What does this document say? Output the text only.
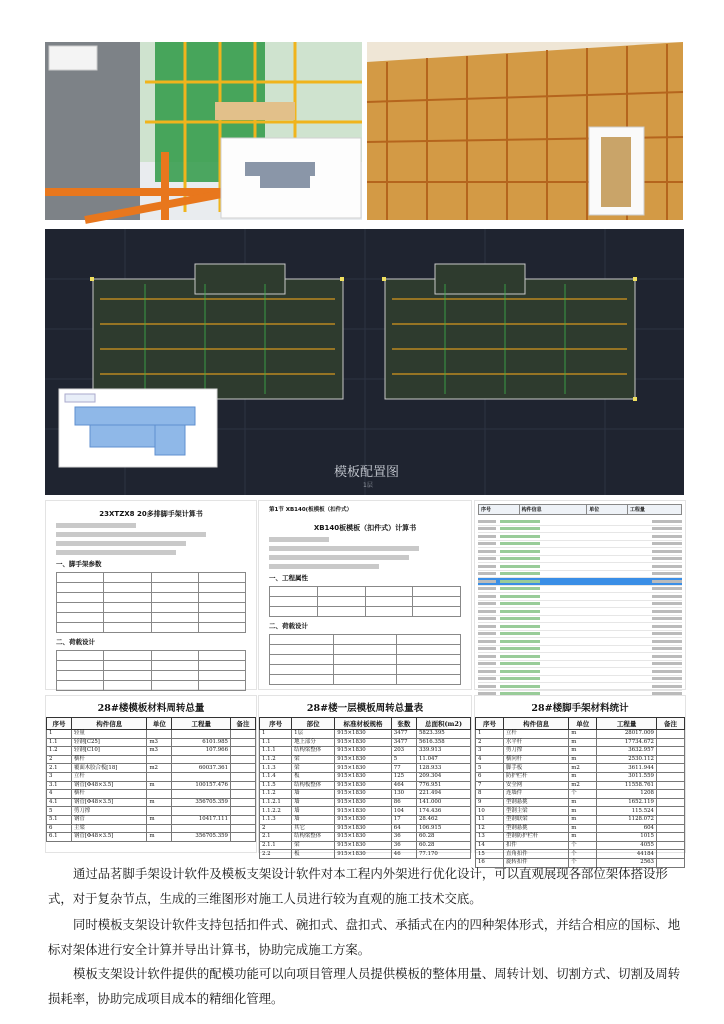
模板配置图
1层
23XTZX8 20多排脚手架计算书
一、脚手架参数

二、荷载设计

第1节 XB140(板模板（扣件式）
XB140板模板（扣件式）计算书
一、工程属性

二、荷载设计

序号	构件信息	单位	工程量
28#楼模板材料周转总量
序号	构件信息	单位	工程量	备注
1	轻量			
1.1	轻钢[C25]	m3	6101.985	
1.2	轻钢[C10]	m3	107.966	
2	横杆			
2.1	覆面木胶合板[18]	m2	60037.361	
3	立杆			
3.1	钢管[Φ48×3.5]	m	100157.476	
4	横杆			
4.1	钢管[Φ48×3.5]	m	356705.359	
5	剪刀撑			
5.1	钢管	m	10417.111	
6	主梁			
6.1	钢管[Φ48×3.5]	m	356705.359	
28#楼一层模板周转总量表
序号	部位	标准材板规格	张数	总面积(m2)
1	1层	915×1830	3477	5823.395
1.1	地上部分	915×1830	3477	5616.358
1.1.1	结构梁整体	915×1830	203	339.913
1.1.2	梁	915×1830	5	11.047
1.1.3	梁	915×1830	77	128.933
1.1.4	板	915×1830	125	209.304
1.1.5	结构板整体	915×1830	464	776.951
1.1.2	墙	915×1830	130	221.494
1.1.2.1	墙	915×1830	86	141.000
1.1.2.2	墙	915×1830	104	174.436
1.1.3	墙	915×1830	17	28.462
2	其它	915×1830	64	106.915
2.1	结构梁整体	915×1830	36	60.28
2.1.1	梁	915×1830	36	60.28
2.2	板	915×1830	46	77.170
28#楼脚手架材料统计
序号	构件信息	单位	工程量	备注
1	立杆	m	28017.009	
2	水平杆	m	17734.672	
3	剪刀撑	m	3632.957	
4	横向杆	m	2530.112	
5	脚手板	m2	3611.944	
6	防护栏杆	m	3011.559	
7	安全网	m2	11558.761	
8	连墙件	个	1208	
9	型钢悬挑	m	1652.119	
10	型钢主梁	m	115.524	
11	型钢联梁	m	1128.072	
12	型钢悬挑	m	604	
13	型钢防护栏杆	m	1015	
14	扣件	个	4055	
15	直角扣件	个	44184	
16	旋转扣件	个	2563	

通过品茗脚手架设计软件及模板支架设计软件对本工程内外架进行优化设计，可以直观展现各部位架体搭设形式，对于复杂节点，生成的三维图形对施工人员进行较为直观的施工技术交底。

同时模板支架设计软件支持包括扣件式、碗扣式、盘扣式、承插式在内的四种架体形式，并结合相应的国标、地标对架体进行安全计算并导出计算书，协助完成施工方案。

模板支架设计软件提供的配模功能可以向项目管理人员提供模板的整体用量、周转计划、切割方式、切割及周转损耗率，协助完成项目成本的精细化管理。
